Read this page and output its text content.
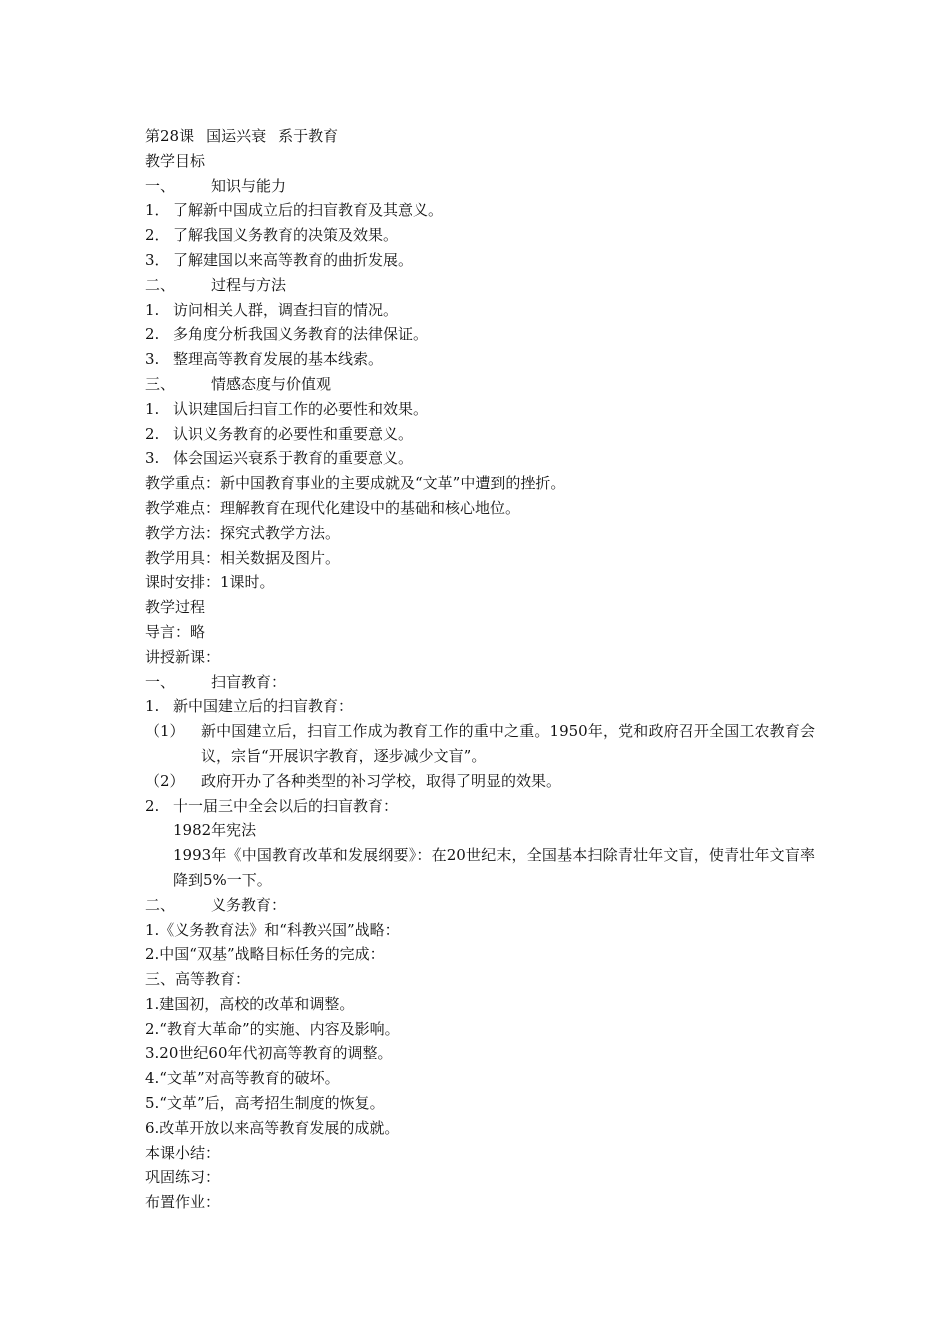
第28课 国运兴衰 系于教育
教学目标
一、 知识与能力
1． 了解新中国成立后的扫盲教育及其意义。
2． 了解我国义务教育的决策及效果。
3． 了解建国以来高等教育的曲折发展。
二、 过程与方法
1. 访问相关人群，调查扫盲的情况。
2. 多角度分析我国义务教育的法律保证。
3. 整理高等教育发展的基本线索。
三、 情感态度与价值观
1. 认识建国后扫盲工作的必要性和效果。
2. 认识义务教育的必要性和重要意义。
3. 体会国运兴衰系于教育的重要意义。
教学重点：新中国教育事业的主要成就及“文革”中遭到的挫折。
教学难点：理解教育在现代化建设中的基础和核心地位。
教学方法：探究式教学方法。
教学用具：相关数据及图片。
课时安排：1课时。
教学过程
导言：略
讲授新课：
一、 扫盲教育：
1. 新中国建立后的扫盲教育：
（1）	新中国建立后，扫盲工作成为教育工作的重中之重。1950年，党和政府召开全国工农教育会议，宗旨“开展识字教育，逐步减少文盲”。
（2）	政府开办了各种类型的补习学校，取得了明显的效果。
2. 十一届三中全会以后的扫盲教育：
1982年宪法
1993年《中国教育改革和发展纲要》：在20世纪末，全国基本扫除青壮年文盲，使青壮年文盲率降到5%一下。
二、 义务教育：
1.《义务教育法》和“科教兴国”战略：
2.中国“双基”战略目标任务的完成：
三、高等教育：
1.建国初，高校的改革和调整。
2.“教育大革命”的实施、内容及影响。
3.20世纪60年代初高等教育的调整。
4.“文革”对高等教育的破坏。
5.“文革”后，高考招生制度的恢复。
6.改革开放以来高等教育发展的成就。
本课小结：
巩固练习：
布置作业：
